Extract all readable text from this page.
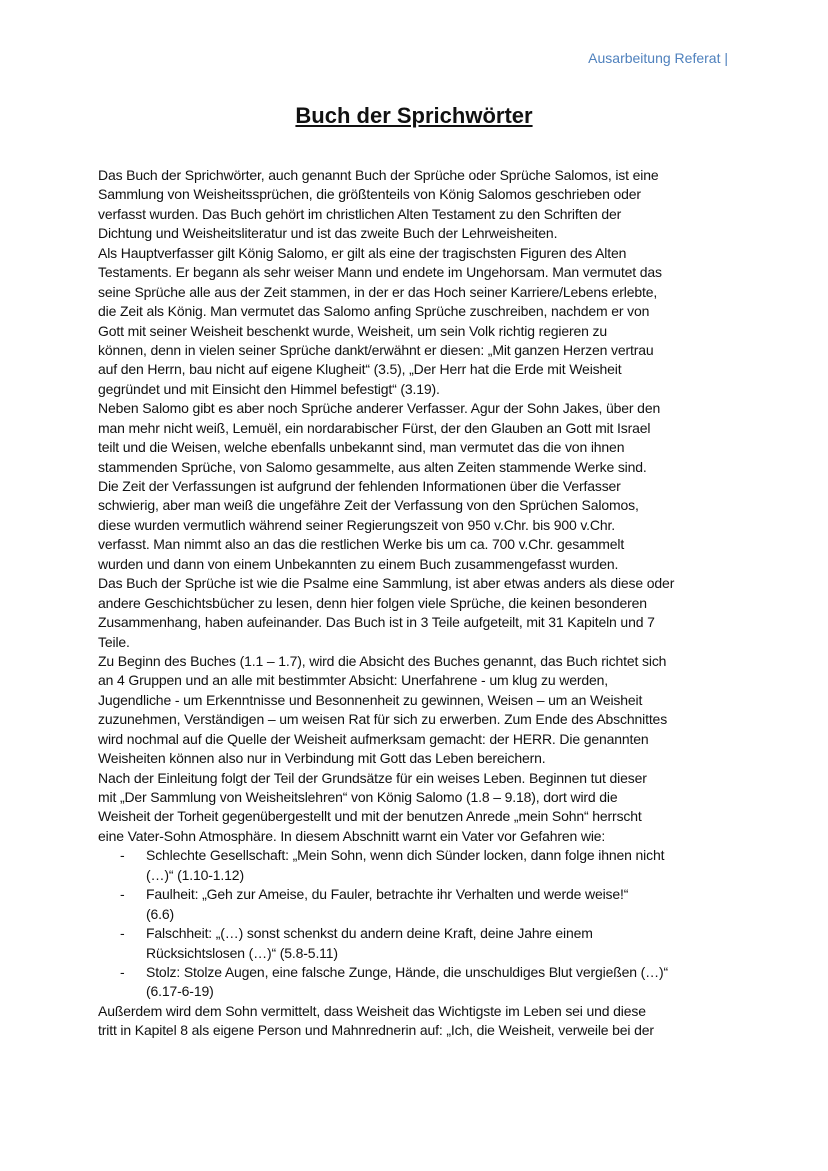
Ausarbeitung Referat |
Buch der Sprichwörter
Das Buch der Sprichwörter, auch genannt Buch der Sprüche oder Sprüche Salomos, ist eine
Sammlung von Weisheitssprüchen, die größtenteils von König Salomos geschrieben oder
verfasst wurden. Das Buch gehört im christlichen Alten Testament zu den Schriften der
Dichtung und Weisheitsliteratur und ist das zweite Buch der Lehrweisheiten.
Als Hauptverfasser gilt König Salomo, er gilt als eine der tragischsten Figuren des Alten
Testaments. Er begann als sehr weiser Mann und endete im Ungehorsam. Man vermutet das
seine Sprüche alle aus der Zeit stammen, in der er das Hoch seiner Karriere/Lebens erlebte,
die Zeit als König. Man vermutet das Salomo anfing Sprüche zuschreiben, nachdem er von
Gott mit seiner Weisheit beschenkt wurde, Weisheit, um sein Volk richtig regieren zu
können, denn in vielen seiner Sprüche dankt/erwähnt er diesen: „Mit ganzen Herzen vertrau
auf den Herrn, bau nicht auf eigene Klugheit“ (3.5), „Der Herr hat die Erde mit Weisheit
gegründet und mit Einsicht den Himmel befestigt“ (3.19).
Neben Salomo gibt es aber noch Sprüche anderer Verfasser. Agur der Sohn Jakes, über den
man mehr nicht weiß, Lemuël, ein nordarabischer Fürst, der den Glauben an Gott mit Israel
teilt und die Weisen, welche ebenfalls unbekannt sind, man vermutet das die von ihnen
stammenden Sprüche, von Salomo gesammelte, aus alten Zeiten stammende Werke sind.
Die Zeit der Verfassungen ist aufgrund der fehlenden Informationen über die Verfasser
schwierig, aber man weiß die ungefähre Zeit der Verfassung von den Sprüchen Salomos,
diese wurden vermutlich während seiner Regierungszeit von 950 v.Chr. bis 900 v.Chr.
verfasst. Man nimmt also an das die restlichen Werke bis um ca. 700 v.Chr. gesammelt
wurden und dann von einem Unbekannten zu einem Buch zusammengefasst wurden.
Das Buch der Sprüche ist wie die Psalme eine Sammlung, ist aber etwas anders als diese oder
andere Geschichtsbücher zu lesen, denn hier folgen viele Sprüche, die keinen besonderen
Zusammenhang, haben aufeinander. Das Buch ist in 3 Teile aufgeteilt, mit 31 Kapiteln und 7
Teile.
Zu Beginn des Buches (1.1 – 1.7), wird die Absicht des Buches genannt, das Buch richtet sich
an 4 Gruppen und an alle mit bestimmter Absicht: Unerfahrene - um klug zu werden,
Jugendliche - um Erkenntnisse und Besonnenheit zu gewinnen, Weisen – um an Weisheit
zuzunehmen, Verständigen – um weisen Rat für sich zu erwerben. Zum Ende des Abschnittes
wird nochmal auf die Quelle der Weisheit aufmerksam gemacht: der HERR. Die genannten
Weisheiten können also nur in Verbindung mit Gott das Leben bereichern.
Nach der Einleitung folgt der Teil der Grundsätze für ein weises Leben. Beginnen tut dieser
mit „Der Sammlung von Weisheitslehren“ von König Salomo (1.8 – 9.18), dort wird die
Weisheit der Torheit gegenübergestellt und mit der benutzen Anrede „mein Sohn“ herrscht
eine Vater-Sohn Atmosphäre. In diesem Abschnitt warnt ein Vater vor Gefahren wie:
- Schlechte Gesellschaft: „Mein Sohn, wenn dich Sünder locken, dann folge ihnen nicht
(…)“ (1.10-1.12)
- Faulheit: „Geh zur Ameise, du Fauler, betrachte ihr Verhalten und werde weise!“
(6.6)
- Falschheit: „(…) sonst schenkst du andern deine Kraft, deine Jahre einem
Rücksichtslosen (…)“ (5.8-5.11)
- Stolz: Stolze Augen, eine falsche Zunge, Hände, die unschuldiges Blut vergießen (…)“
(6.17-6-19)
Außerdem wird dem Sohn vermittelt, dass Weisheit das Wichtigste im Leben sei und diese
tritt in Kapitel 8 als eigene Person und Mahnrednerin auf: „Ich, die Weisheit, verweile bei der
